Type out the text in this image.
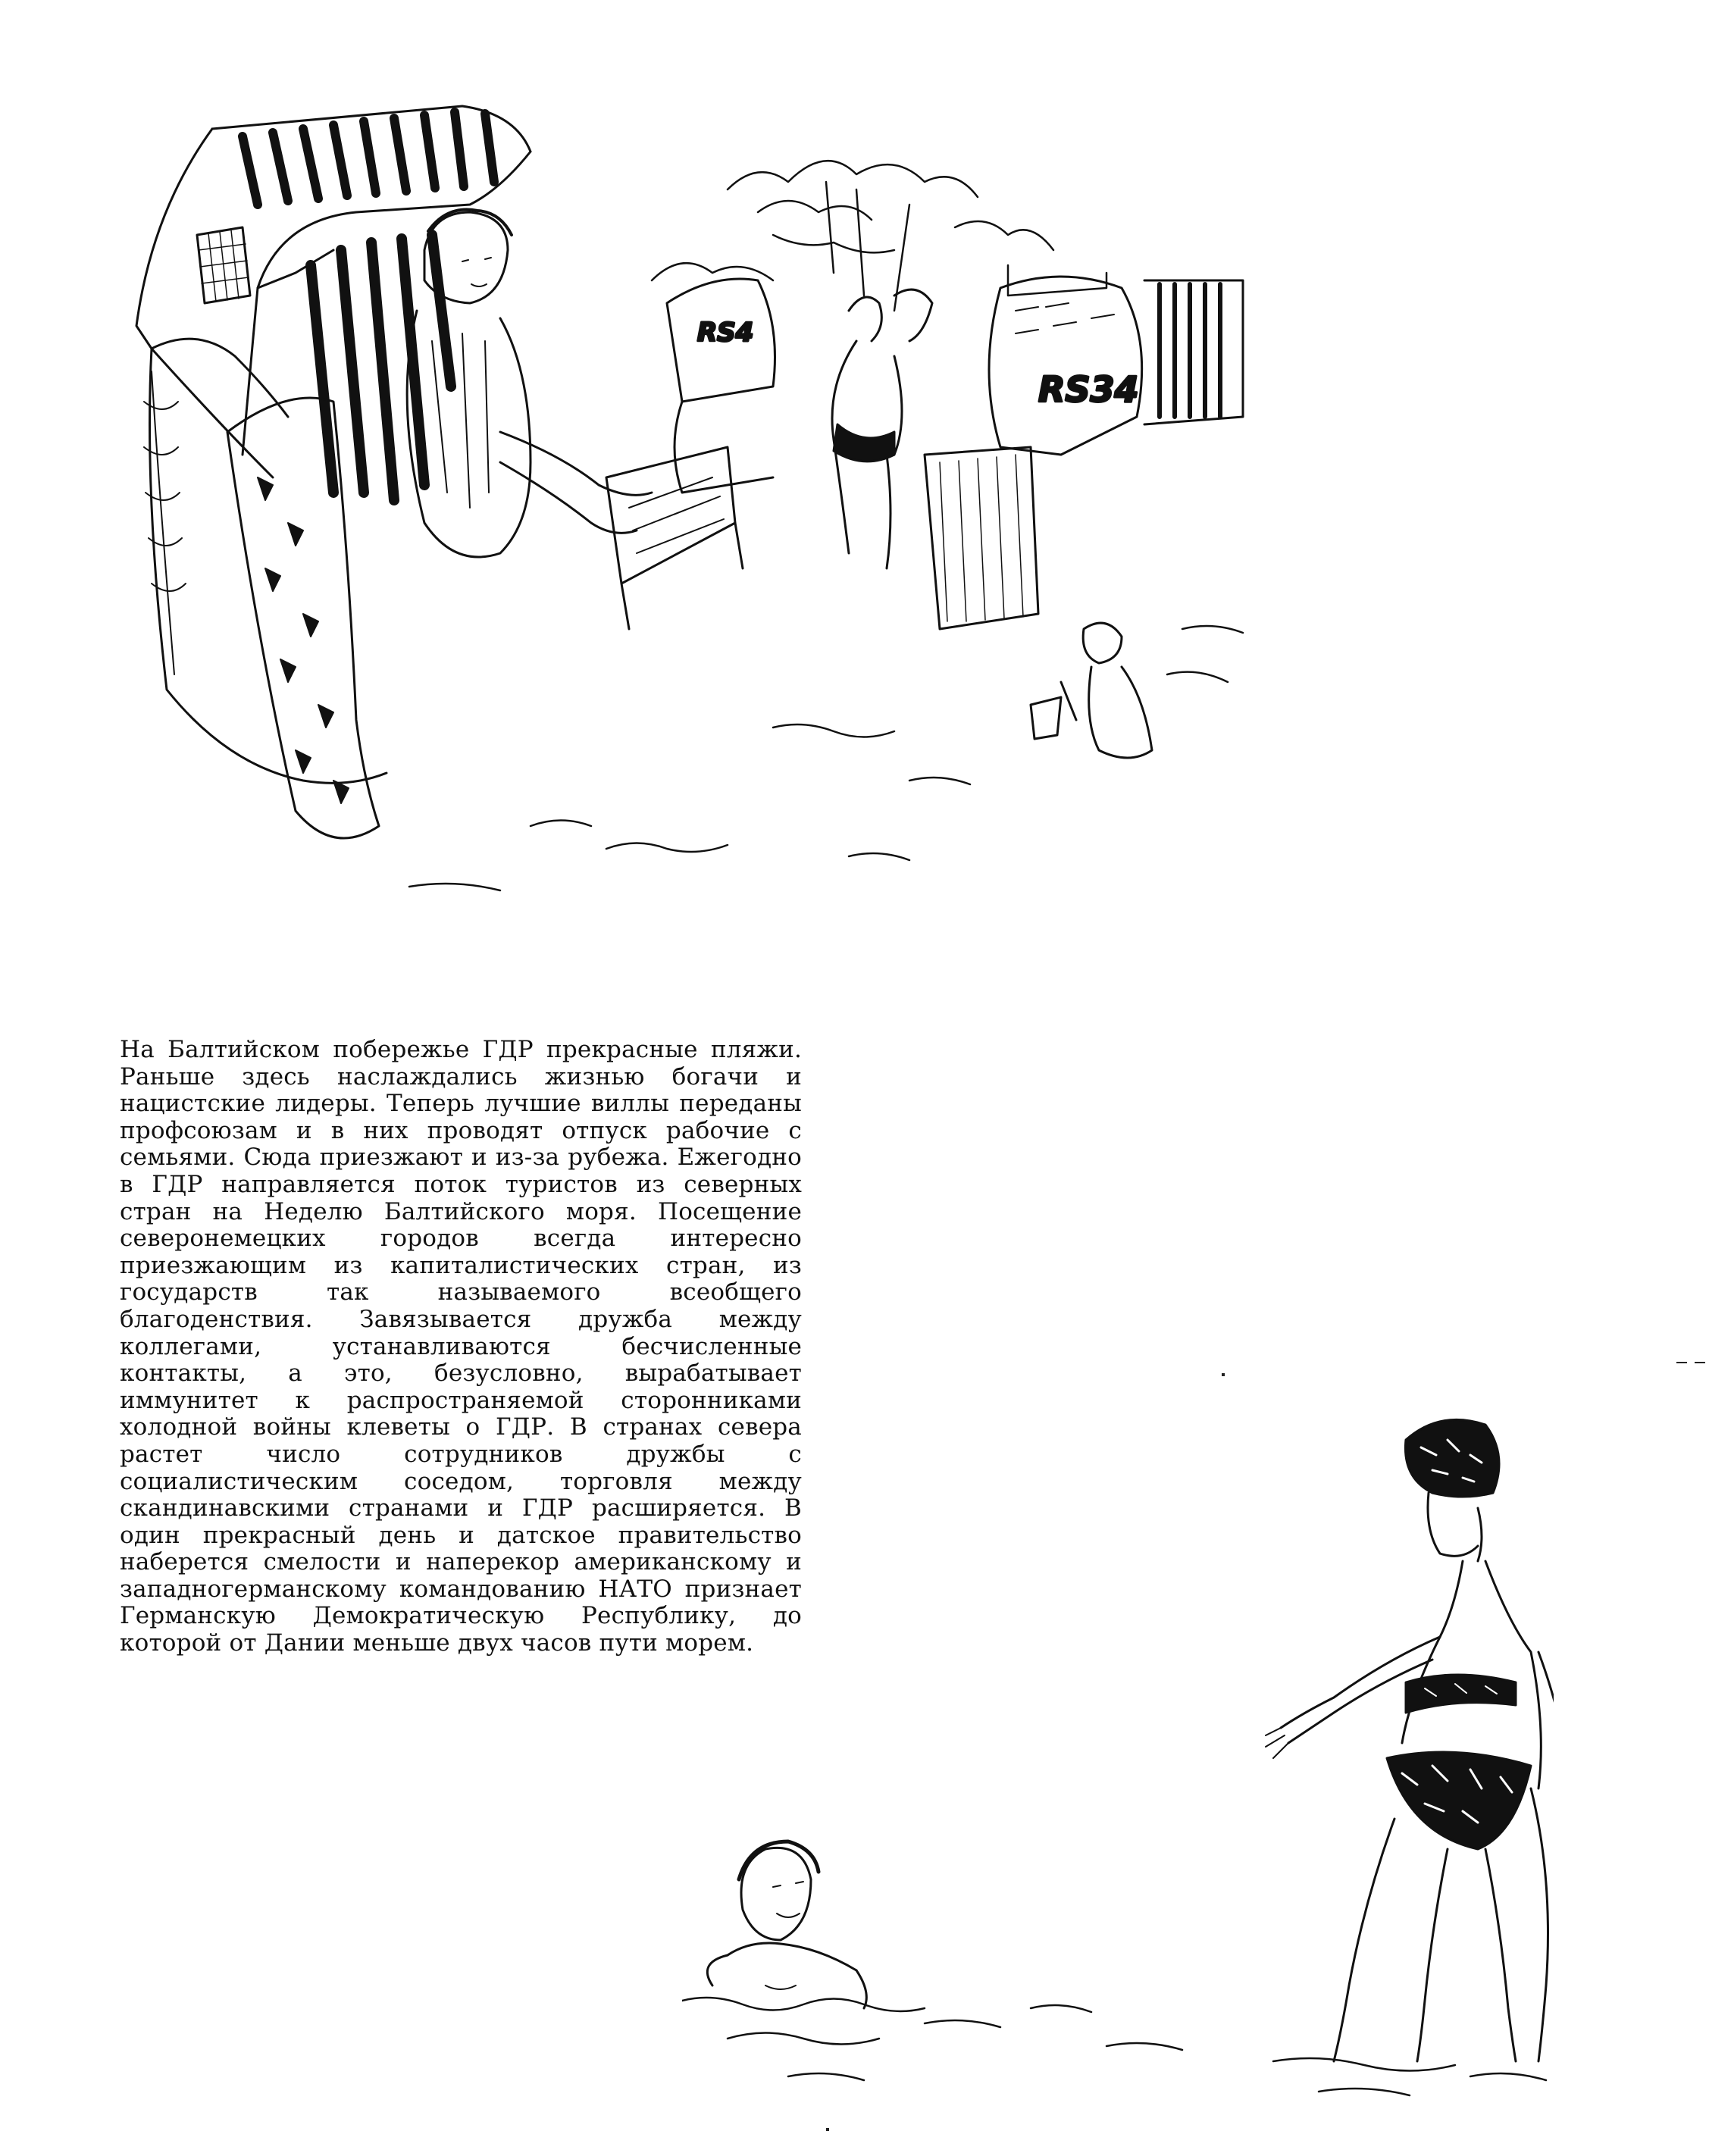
RS4
RS34

На Балтийском побережье ГДР прекрасные пляжи. Раньше здесь наслаждались жизнью богачи и нацистские лидеры. Теперь лучшие виллы переданы профсоюзам и в них проводят отпуск рабочие с семьями. Сюда приезжают и из-за рубежа. Ежегодно в ГДР направляется поток туристов из северных стран на Неделю Балтийского моря. Посещение северонемецких городов всегда интересно приезжающим из капиталистических стран, из государств так называемого всеобщего благоденствия. Завязывается дружба между коллегами, устанавливаются бесчисленные контакты, а это, безусловно, вырабатывает иммунитет к распространяемой сторонниками холодной войны клеветы о ГДР. В странах севера растет число сотрудников дружбы с социалистическим соседом, торговля между скандинавскими странами и ГДР расширяется. В один прекрасный день и датское правительство наберется смелости и наперекор американскому и западногерманскому командованию НАТО признает Германскую Демократическую Республику, до которой от Дании меньше двух часов пути морем.
